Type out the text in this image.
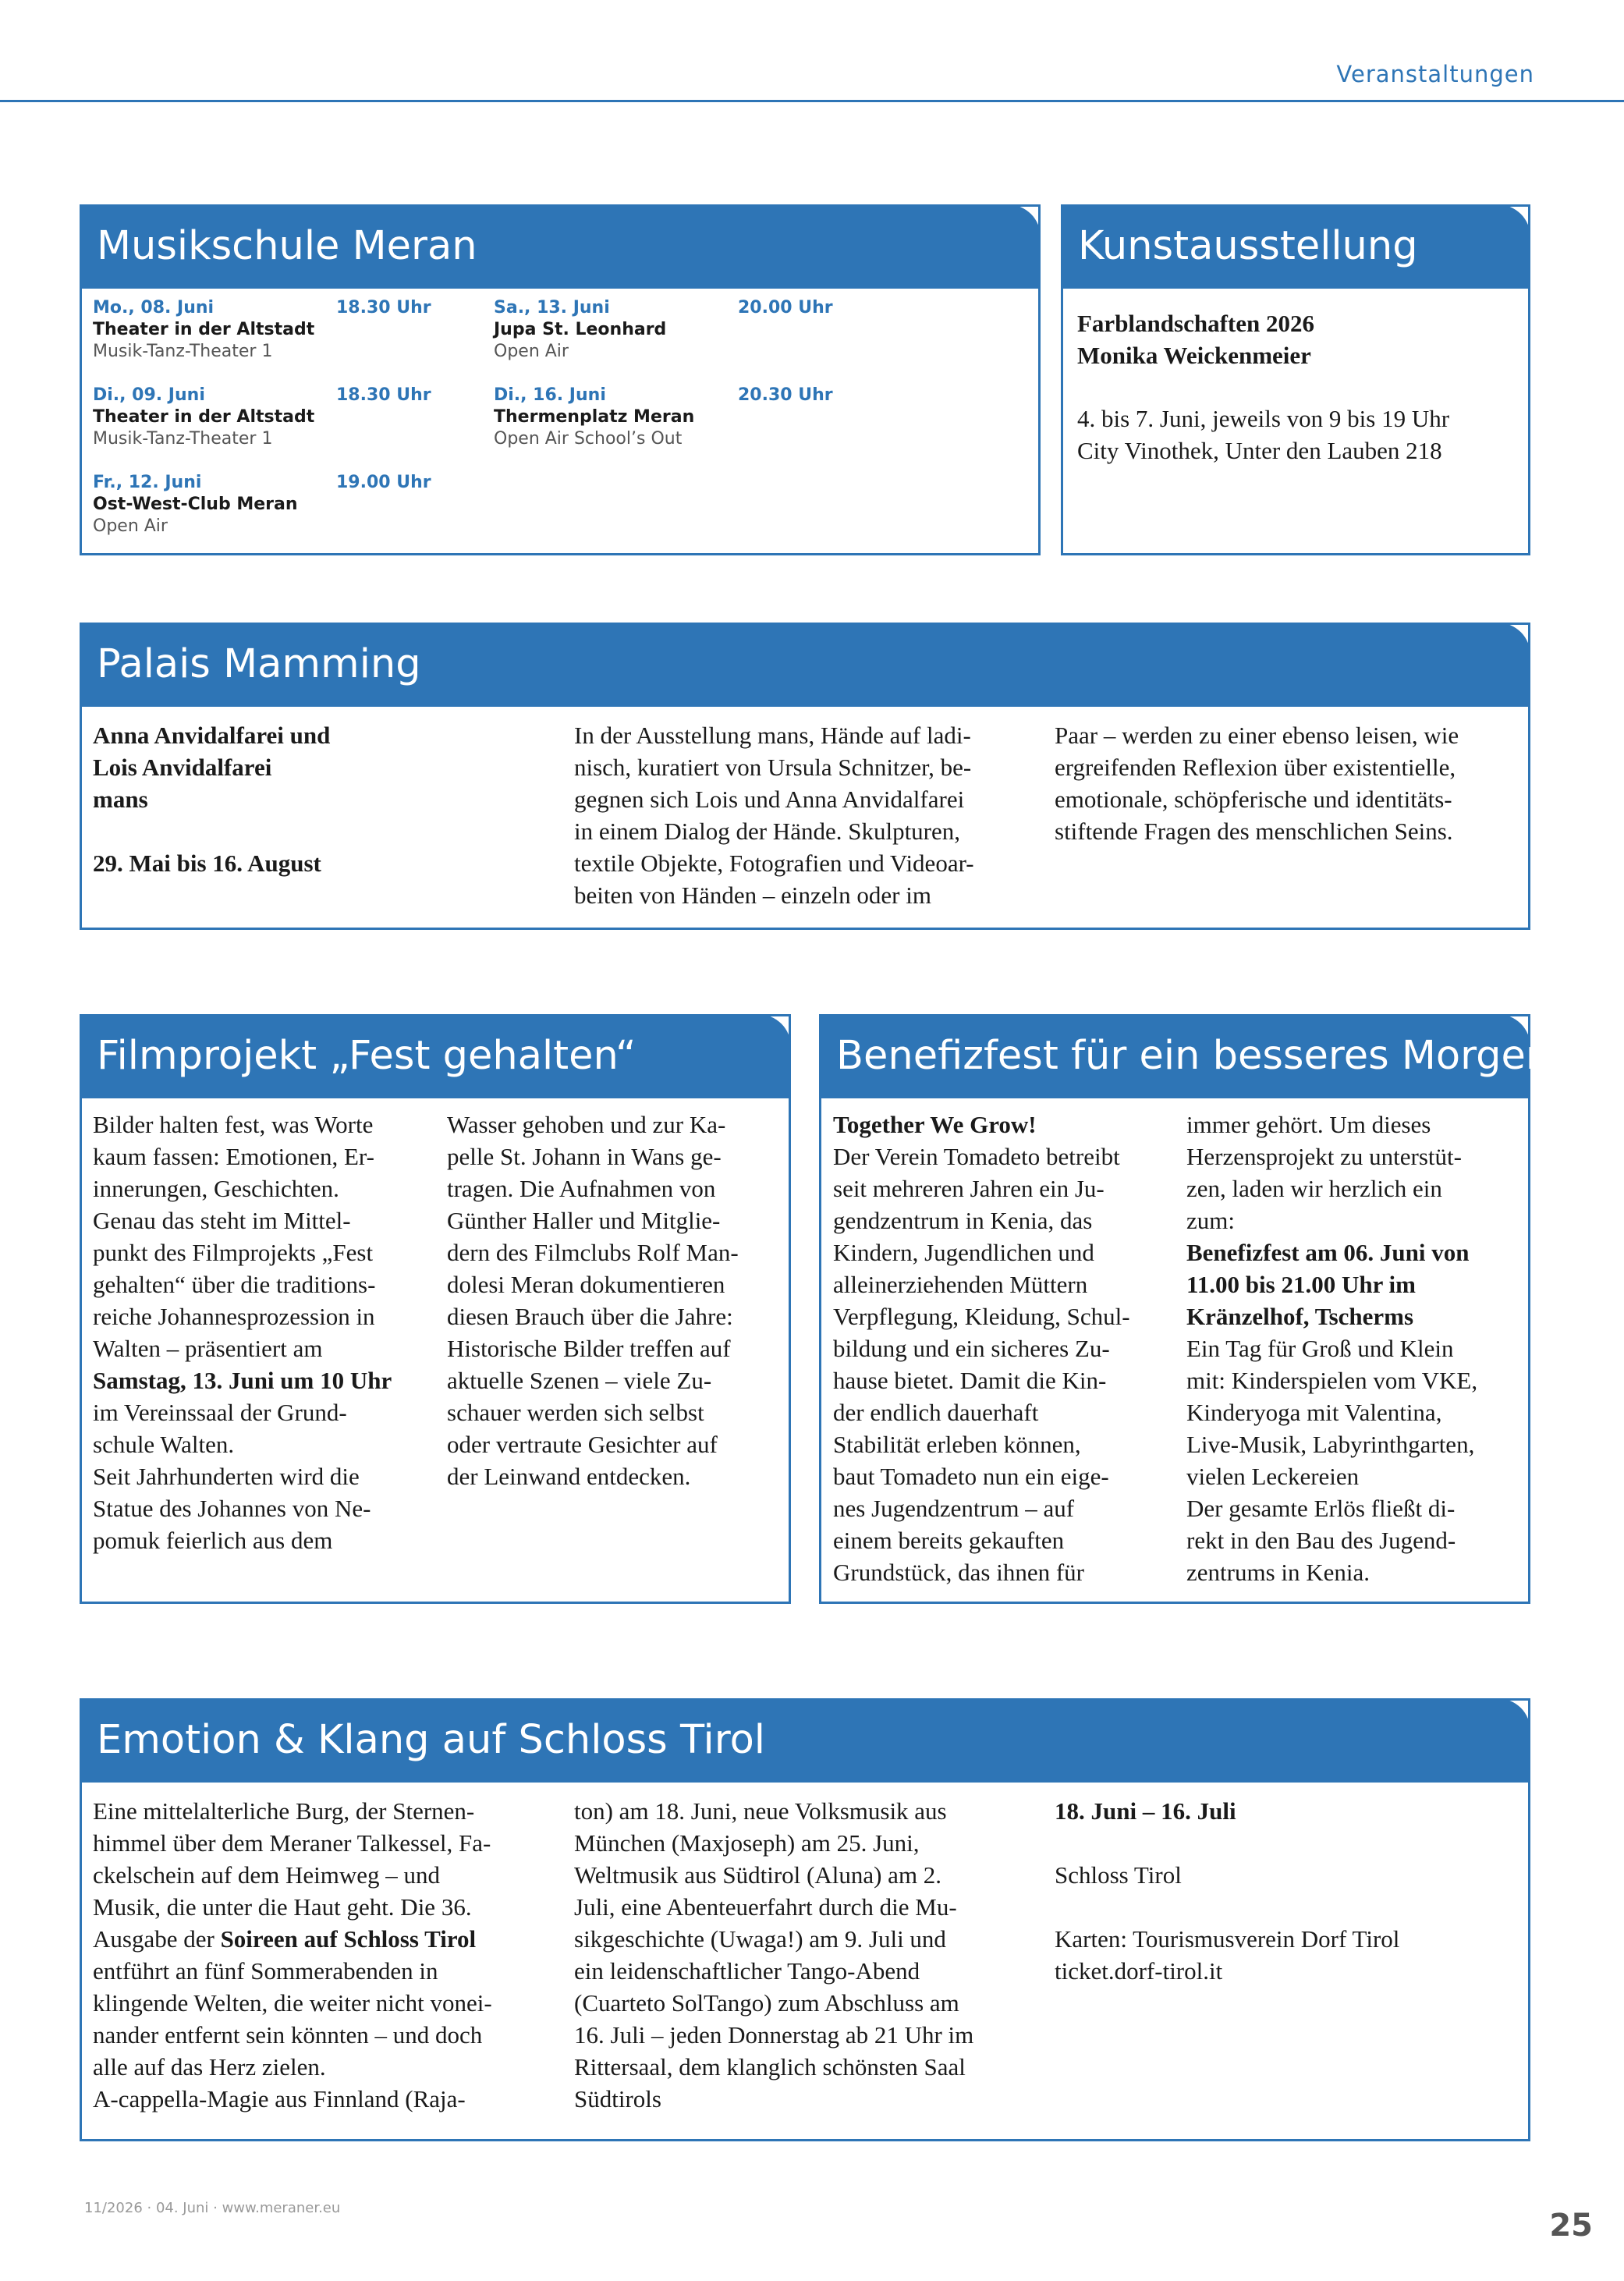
Veranstaltungen
Musikschule Meran
Mo., 08. Juni	18.30 Uhr
Theater in der Altstadt
Musik-Tanz-Theater 1
Di., 09. Juni	18.30 Uhr
Theater in der Altstadt
Musik-Tanz-Theater 1
Fr., 12. Juni	19.00 Uhr
Ost-West-Club Meran
Open Air
Sa., 13. Juni	20.00 Uhr
Jupa St. Leonhard
Open Air
Di., 16. Juni	20.30 Uhr
Thermenplatz Meran
Open Air School’s Out
Kunstausstellung
Farblandschaften 2026
Monika Weickenmeier
4. bis 7. Juni, jeweils von 9 bis 19 Uhr
City Vinothek, Unter den Lauben 218
Palais Mamming
Anna Anvidalfarei und
Lois Anvidalfarei
mans
29. Mai bis 16. August
In der Ausstellung mans, Hände auf ladi-
nisch, kuratiert von Ursula Schnitzer, be-
gegnen sich Lois und Anna Anvidalfarei
in einem Dialog der Hände. Skulpturen,
textile Objekte, Fotografien und Videoar-
beiten von Händen – einzeln oder im
Paar – werden zu einer ebenso leisen, wie
ergreifenden Reflexion über existentielle,
emotionale, schöpferische und identitäts-
stiftende Fragen des menschlichen Seins.
Filmprojekt „Fest gehalten“
Bilder halten fest, was Worte
kaum fassen: Emotionen, Er-
innerungen, Geschichten.
Genau das steht im Mittel-
punkt des Filmprojekts „Fest
gehalten“ über die traditions-
reiche Johannesprozession in
Walten – präsentiert am
Samstag, 13. Juni um 10 Uhr
im Vereinssaal der Grund-
schule Walten.
Seit Jahrhunderten wird die
Statue des Johannes von Ne-
pomuk feierlich aus dem
Wasser gehoben und zur Ka-
pelle St. Johann in Wans ge-
tragen. Die Aufnahmen von
Günther Haller und Mitglie-
dern des Filmclubs Rolf Man-
dolesi Meran dokumentieren
diesen Brauch über die Jahre:
Historische Bilder treffen auf
aktuelle Szenen – viele Zu-
schauer werden sich selbst
oder vertraute Gesichter auf
der Leinwand entdecken.
Benefizfest für ein besseres Morgen
Together We Grow!
Der Verein Tomadeto betreibt
seit mehreren Jahren ein Ju-
gendzentrum in Kenia, das
Kindern, Jugendlichen und
alleinerziehenden Müttern
Verpflegung, Kleidung, Schul-
bildung und ein sicheres Zu-
hause bietet. Damit die Kin-
der endlich dauerhaft
Stabilität erleben können,
baut Tomadeto nun ein eige-
nes Jugendzentrum – auf
einem bereits gekauften
Grundstück, das ihnen für
immer gehört. Um dieses
Herzensprojekt zu unterstüt-
zen, laden wir herzlich ein
zum:
Benefizfest am 06. Juni von
11.00 bis 21.00 Uhr im
Kränzelhof, Tscherms
Ein Tag für Groß und Klein
mit: Kinderspielen vom VKE,
Kinderyoga mit Valentina,
Live-Musik, Labyrinthgarten,
vielen Leckereien
Der gesamte Erlös fließt di-
rekt in den Bau des Jugend-
zentrums in Kenia.
Emotion & Klang auf Schloss Tirol
Eine mittelalterliche Burg, der Sternen-
himmel über dem Meraner Talkessel, Fa-
ckelschein auf dem Heimweg – und
Musik, die unter die Haut geht. Die 36.
Ausgabe der Soireen auf Schloss Tirol
entführt an fünf Sommerabenden in
klingende Welten, die weiter nicht vonei-
nander entfernt sein könnten – und doch
alle auf das Herz zielen.
A-cappella-Magie aus Finnland (Raja-
ton) am 18. Juni, neue Volksmusik aus
München (Maxjoseph) am 25. Juni,
Weltmusik aus Südtirol (Aluna) am 2.
Juli, eine Abenteuerfahrt durch die Mu-
sikgeschichte (Uwaga!) am 9. Juli und
ein leidenschaftlicher Tango-Abend
(Cuarteto SolTango) zum Abschluss am
16. Juli – jeden Donnerstag ab 21 Uhr im
Rittersaal, dem klanglich schönsten Saal
Südtirols
18. Juni – 16. Juli
Schloss Tirol
Karten: Tourismusverein Dorf Tirol
ticket.dorf-tirol.it
11/2026 · 04. Juni · www.meraner.eu	25
